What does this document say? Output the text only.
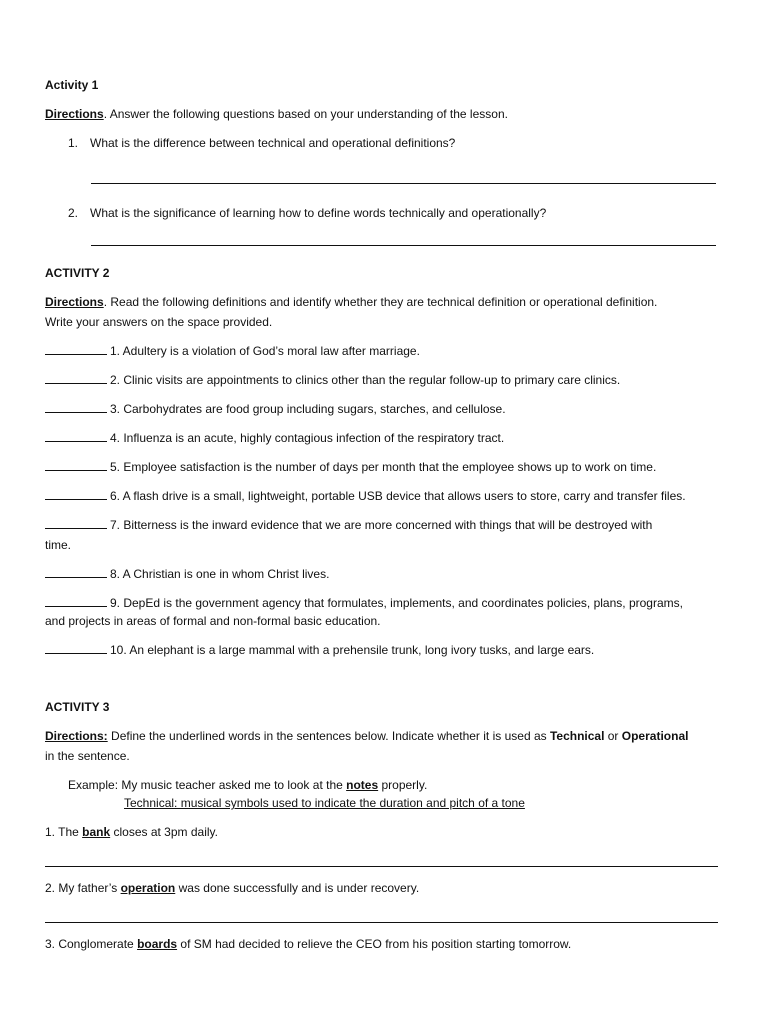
Activity 1
Directions. Answer the following questions based on your understanding of the lesson.
1. What is the difference between technical and operational definitions?
2. What is the significance of learning how to define words technically and operationally?
ACTIVITY 2
Directions. Read the following definitions and identify whether they are technical definition or operational definition.
Write your answers on the space provided.
1. Adultery is a violation of God’s moral law after marriage.
2. Clinic visits are appointments to clinics other than the regular follow-up to primary care clinics.
3. Carbohydrates are food group including sugars, starches, and cellulose.
4. Influenza is an acute, highly contagious infection of the respiratory tract.
5. Employee satisfaction is the number of days per month that the employee shows up to work on time.
6. A flash drive is a small, lightweight, portable USB device that allows users to store, carry and transfer files.
7. Bitterness is the inward evidence that we are more concerned with things that will be destroyed with
time.
8. A Christian is one in whom Christ lives.
9. DepEd is the government agency that formulates, implements, and coordinates policies, plans, programs,
and projects in areas of formal and non-formal basic education.
10. An elephant is a large mammal with a prehensile trunk, long ivory tusks, and large ears.
ACTIVITY 3
Directions: Define the underlined words in the sentences below. Indicate whether it is used as Technical or Operational
in the sentence.
Example: My music teacher asked me to look at the notes properly.
Technical: musical symbols used to indicate the duration and pitch of a tone
1. The bank closes at 3pm daily.
2. My father’s operation was done successfully and is under recovery.
3. Conglomerate boards of SM had decided to relieve the CEO from his position starting tomorrow.
